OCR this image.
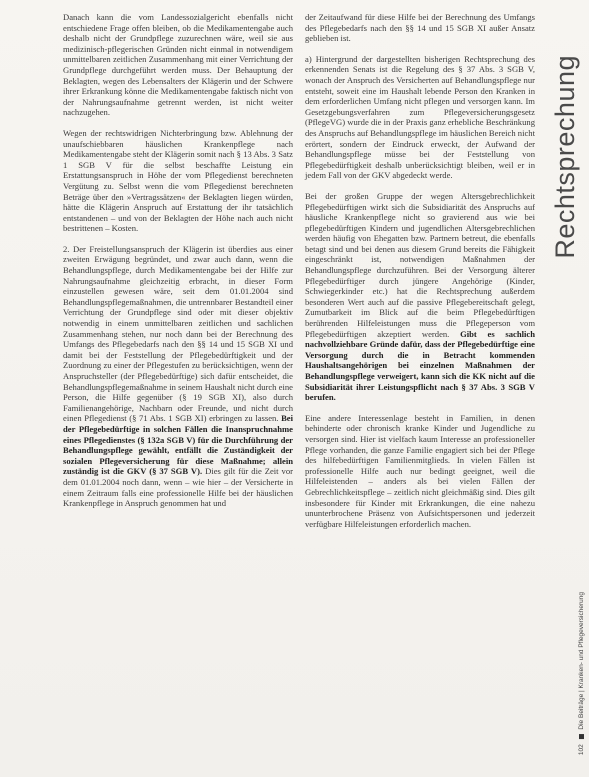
Danach kann die vom Landessozialgericht ebenfalls nicht entschiedene Frage offen bleiben, ob die Medikamentengabe auch deshalb nicht der Grundpflege zuzurechnen wäre, weil sie aus medizinisch-pflegerischen Gründen nicht einmal in notwendigem unmittelbaren zeitlichen Zusammenhang mit einer Verrichtung der Grundpflege durchgeführt werden muss. Der Behauptung der Beklagten, wegen des Lebensalters der Klägerin und der Schwere ihrer Erkrankung könne die Medikamentengabe faktisch nicht von der Nahrungsaufnahme getrennt werden, ist nicht weiter nachzugehen.

Wegen der rechtswidrigen Nichterbringung bzw. Ablehnung der unaufschiebbaren häuslichen Krankenpflege nach Medikamentengabe steht der Klägerin somit nach § 13 Abs. 3 Satz 1 SGB V für die selbst beschaffte Leistung ein Erstattungsanspruch in Höhe der vom Pflegedienst berechneten Vergütung zu. Selbst wenn die vom Pflegedienst berechneten Beträge über den »Vertragssätzen« der Beklagten liegen würden, hätte die Klägerin Anspruch auf Erstattung der ihr tatsächlich entstandenen – und von der Beklagten der Höhe nach auch nicht bestrittenen – Kosten.

2. Der Freistellungsanspruch der Klägerin ist überdies aus einer zweiten Erwägung begründet, und zwar auch dann, wenn die Behandlungspflege, durch Medikamentengabe bei der Hilfe zur Nahrungsaufnahme gleichzeitig erbracht, in dieser Form einzustellen gewesen wäre, seit dem 01.01.2004 sind Behandlungspflegemaßnahmen, die untrennbarer Bestandteil einer Verrichtung der Grundpflege sind oder mit dieser objektiv notwendig in einem unmittelbaren zeitlichen und sachlichen Zusammenhang stehen, nur noch dann bei der Berechnung des Umfangs des Pflegebedarfs nach den §§ 14 und 15 SGB XI und damit bei der Feststellung der Pflegebedürftigkeit und der Zuordnung zu einer der Pflegestufen zu berücksichtigen, wenn der Anspruchsteller (der Pflegebedürftige) sich dafür entscheidet, die Behandlungspflegemaßnahme in seinem Haushalt nicht durch eine Person, die Hilfe gegenüber (§ 19 SGB XI), also durch Familienangehörige, Nachbarn oder Freunde, und nicht durch einen Pflegedienst (§ 71 Abs. 1 SGB XI) erbringen zu lassen. Bei der Pflegebedürftige in solchen Fällen die Inanspruchnahme eines Pflegedienstes (§ 132a SGB V) für die Durchführung der Behandlungspflege gewählt, entfällt die Zuständigkeit der sozialen Pflegeversicherung für diese Maßnahme; allein zuständig ist die GKV (§ 37 SGB V). Dies gilt für die Zeit vor dem 01.01.2004 noch dann, wenn – wie hier – der Versicherte in einem Zeitraum falls eine professionelle Hilfe bei der häuslichen Krankenpflege in Anspruch genommen hat und

der Zeitaufwand für diese Hilfe bei der Berechnung des Umfangs des Pflegebedarfs nach den §§ 14 und 15 SGB XI außer Ansatz geblieben ist.

a) Hintergrund der dargestellten bisherigen Rechtsprechung des erkennenden Senats ist die Regelung des § 37 Abs. 3 SGB V, wonach der Anspruch des Versicherten auf Behandlungspflege nur entsteht, soweit eine im Haushalt lebende Person den Kranken in dem erforderlichen Umfang nicht pflegen und versorgen kann. Im Gesetzgebungsverfahren zum Pflegeversicherungsgesetz (PflegeVG) wurde die in der Praxis ganz erhebliche Beschränkung des Anspruchs auf Behandlungspflege im häuslichen Bereich nicht erörtert, sondern der Eindruck erweckt, der Aufwand der Behandlungspflege müsse bei der Feststellung von Pflegebedürftigkeit deshalb unberücksichtigt bleiben, weil er in jedem Fall von der GKV abgedeckt werde.

Bei der großen Gruppe der wegen Altersgebrechlichkeit Pflegebedürftigen wirkt sich die Subsidiarität des Anspruchs auf häusliche Krankenpflege nicht so gravierend aus wie bei pflegebedürftigen Kindern und jugendlichen Altersgebrechlichen werden häufig von Ehegatten bzw. Partnern betreut, die ebenfalls betagt sind und bei denen aus diesem Grund bereits die Fähigkeit eingeschränkt ist, notwendigen Maßnahmen der Behandlungspflege durchzuführen. Bei der Versorgung älterer Pflegebedürftiger durch jüngere Angehörige (Kinder, Schwiegerkinder etc.) hat die Rechtsprechung außerdem besonderen Wert auch auf die passive Pflegebereitschaft gelegt, Zumutbarkeit im Blick auf die beim Pflegebedürftigen berührenden Hilfeleistungen muss die Pflegeperson vom Pflegebedürftigen akzeptiert werden. Gibt es sachlich nachvollziehbare Gründe dafür, dass der Pflegebedürftige eine Versorgung durch die in Betracht kommenden Haushaltsangehörigen bei einzelnen Maßnahmen der Behandlungspflege verweigert, kann sich die KK nicht auf die Subsidiarität ihrer Leistungspflicht nach § 37 Abs. 3 SGB V berufen.

Eine andere Interessenlage besteht in Familien, in denen behinderte oder chronisch kranke Kinder und Jugendliche zu versorgen sind. Hier ist vielfach kaum Interesse an professioneller Pflege vorhanden, die ganze Familie engagiert sich bei der Pflege des hilfebedürftigen Familienmitglieds. In vielen Fällen ist professionelle Hilfe auch nur bedingt geeignet, weil die Hilfeleistenden – anders als bei vielen Fällen der Gebrechlichkeitspflege – zeitlich nicht gleichmäßig sind. Dies gilt insbesondere für Kinder mit Erkrankungen, die eine nahezu ununterbrochene Präsenz von Aufsichtspersonen und jederzeit verfügbare Hilfeleistungen erforderlich machen.

Rechtsprechung
102  Die Beiträge | Kranken- und Pflegeversicherung
